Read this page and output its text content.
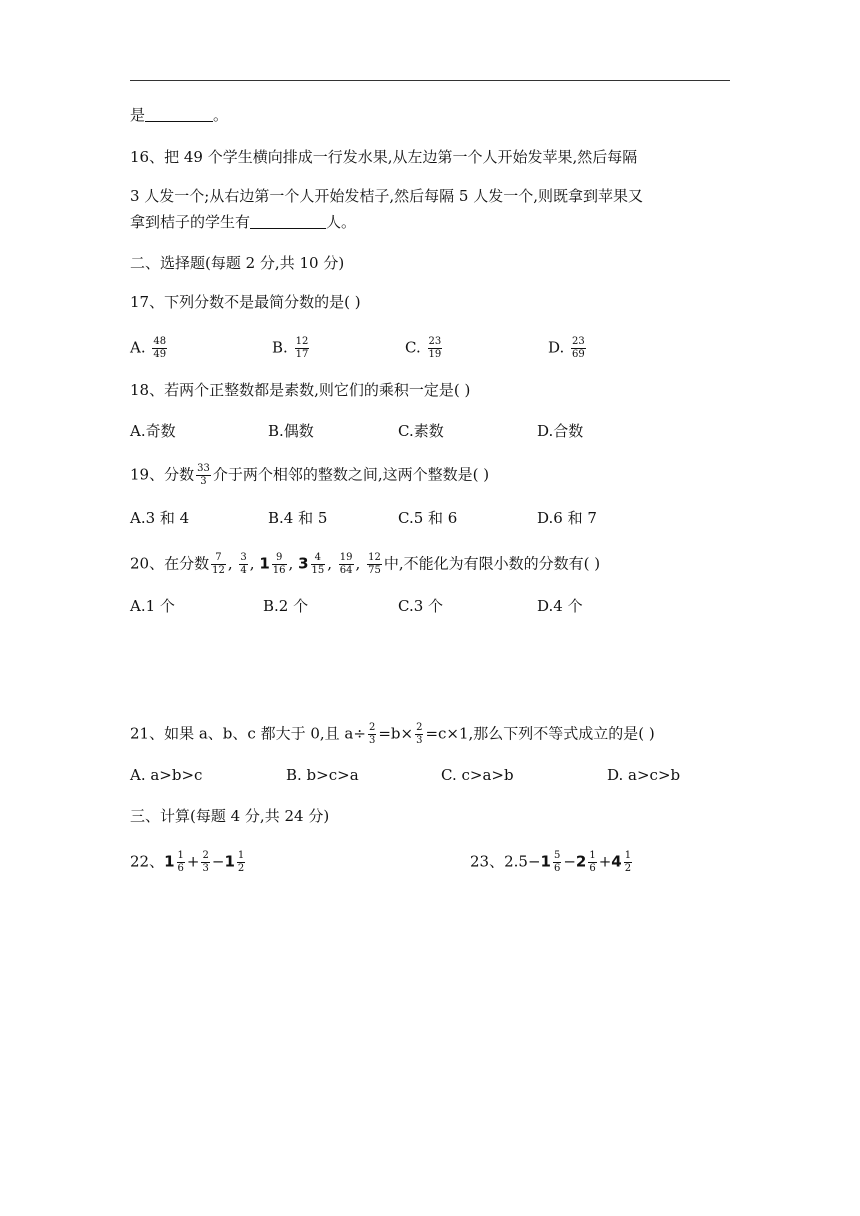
是	。
16、把 49 个学生横向排成一行发水果,从左边第一个人开始发苹果,然后每隔
3 人发一个;从右边第一个人开始发桔子,然后每隔 5 人发一个,则既拿到苹果又
拿到桔子的学生有	人。
二、选择题(每题 2 分,共 10 分)
17、下列分数不是最简分数的是( )
A. $\frac{48}{49}$	B. $\frac{12}{17}$	C. $\frac{23}{19}$	D. $\frac{23}{69}$
18、若两个正整数都是素数,则它们的乘积一定是( )
A.奇数	B.偶数	C.素数	D.合数
19、分数 $\frac{33}{3}$ 介于两个相邻的整数之间,这两个整数是( )
A.3 和 4	B.4 和 5	C.5 和 6	D.6 和 7
20、在分数 $\frac{7}{12}$ , $\frac{3}{4}$ , $1 \frac{9}{16}$ , $3 \frac{4}{15}$ , $\frac{19}{64}$ , $\frac{12}{75}$ 中,不能化为有限小数的分数有( )
A.1 个	B.2 个	C.3 个	D.4 个
21、如果 a、b、c 都大于 0,且 $a\div \frac{2}{3} =b\times \frac{2}{3} =c\times 1$,那么下列不等式成立的是( )
A. a>b>c	B. b>c>a	C. c>a>b	D. a>c>b
三、计算(每题 4 分,共 24 分)
22、$1 \frac{1}{6} + \frac{2}{3} -1 \frac{1}{2}$	23、$2.5-1 \frac{5}{6} -2 \frac{1}{6} +4 \frac{1}{2}$
